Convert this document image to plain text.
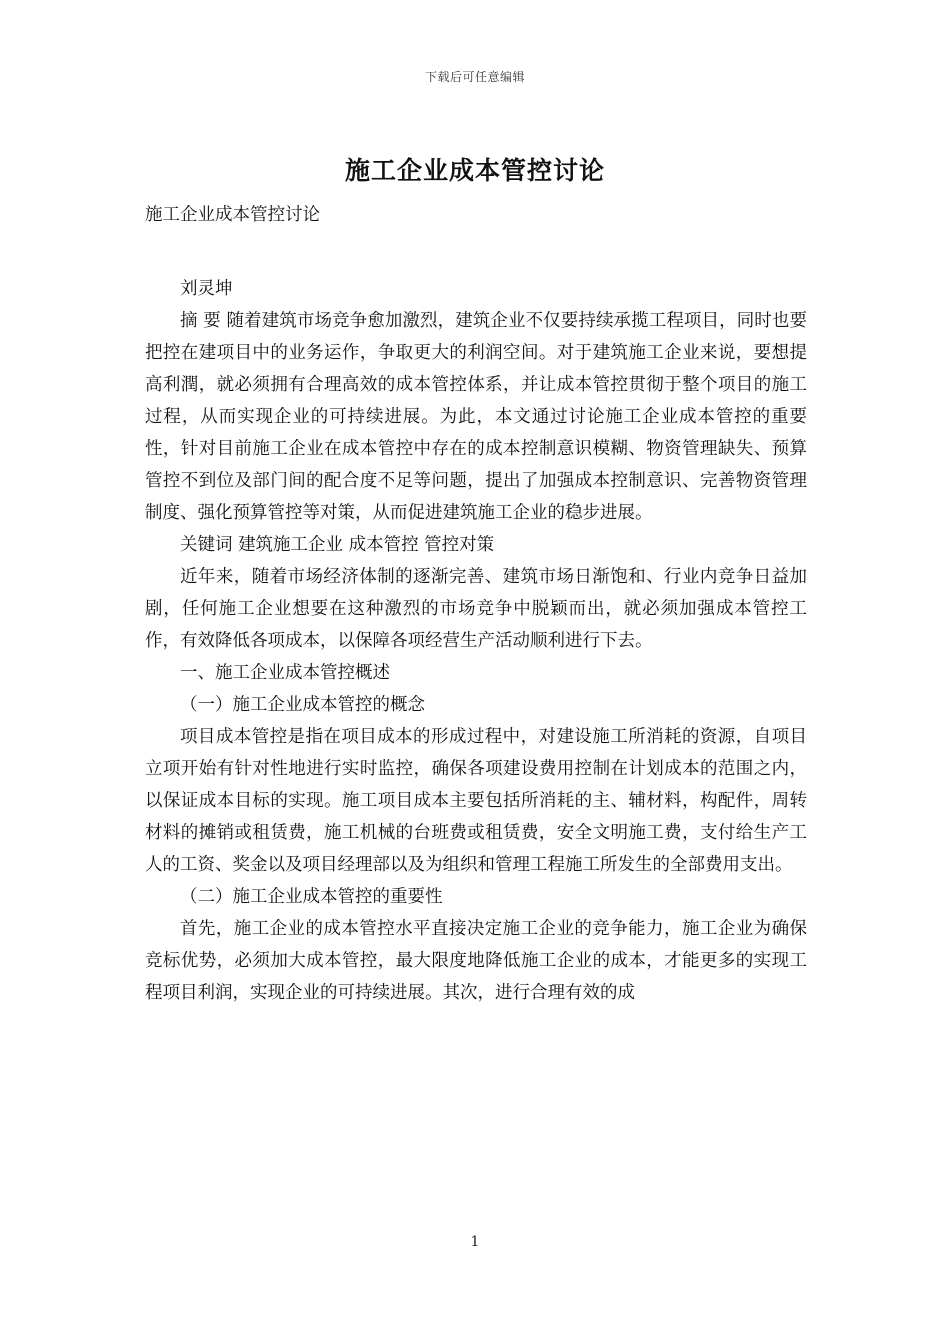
下载后可任意编辑
施工企业成本管控讨论

施工企业成本管控讨论

刘灵坤

摘 要 随着建筑市场竞争愈加激烈，建筑企业不仅要持续承揽工程项目，同时也要把控在建项目中的业务运作，争取更大的利润空间。对于建筑施工企业来说，要想提高利潤，就必须拥有合理高效的成本管控体系，并让成本管控贯彻于整个项目的施工过程，从而实现企业的可持续进展。为此，本文通过讨论施工企业成本管控的重要性，针对目前施工企业在成本管控中存在的成本控制意识模糊、物资管理缺失、预算管控不到位及部门间的配合度不足等问题，提出了加强成本控制意识、完善物资管理制度、强化预算管控等对策，从而促进建筑施工企业的稳步进展。

关键词 建筑施工企业 成本管控 管控对策

近年来，随着市场经济体制的逐渐完善、建筑市场日渐饱和、行业内竞争日益加剧，任何施工企业想要在这种激烈的市场竞争中脱颖而出，就必须加强成本管控工作，有效降低各项成本，以保障各项经营生产活动顺利进行下去。

一、施工企业成本管控概述

（一）施工企业成本管控的概念

项目成本管控是指在项目成本的形成过程中，对建设施工所消耗的资源，自项目立项开始有针对性地进行实时监控，确保各项建设费用控制在计划成本的范围之内，以保证成本目标的实现。施工项目成本主要包括所消耗的主、辅材料，构配件，周转材料的摊销或租赁费，施工机械的台班费或租赁费，安全文明施工费，支付给生产工人的工资、奖金以及项目经理部以及为组织和管理工程施工所发生的全部费用支出。

（二）施工企业成本管控的重要性

首先，施工企业的成本管控水平直接决定施工企业的竞争能力，施工企业为确保竞标优势，必须加大成本管控，最大限度地降低施工企业的成本，才能更多的实现工程项目利润，实现企业的可持续进展。其次，进行合理有效的成

1
